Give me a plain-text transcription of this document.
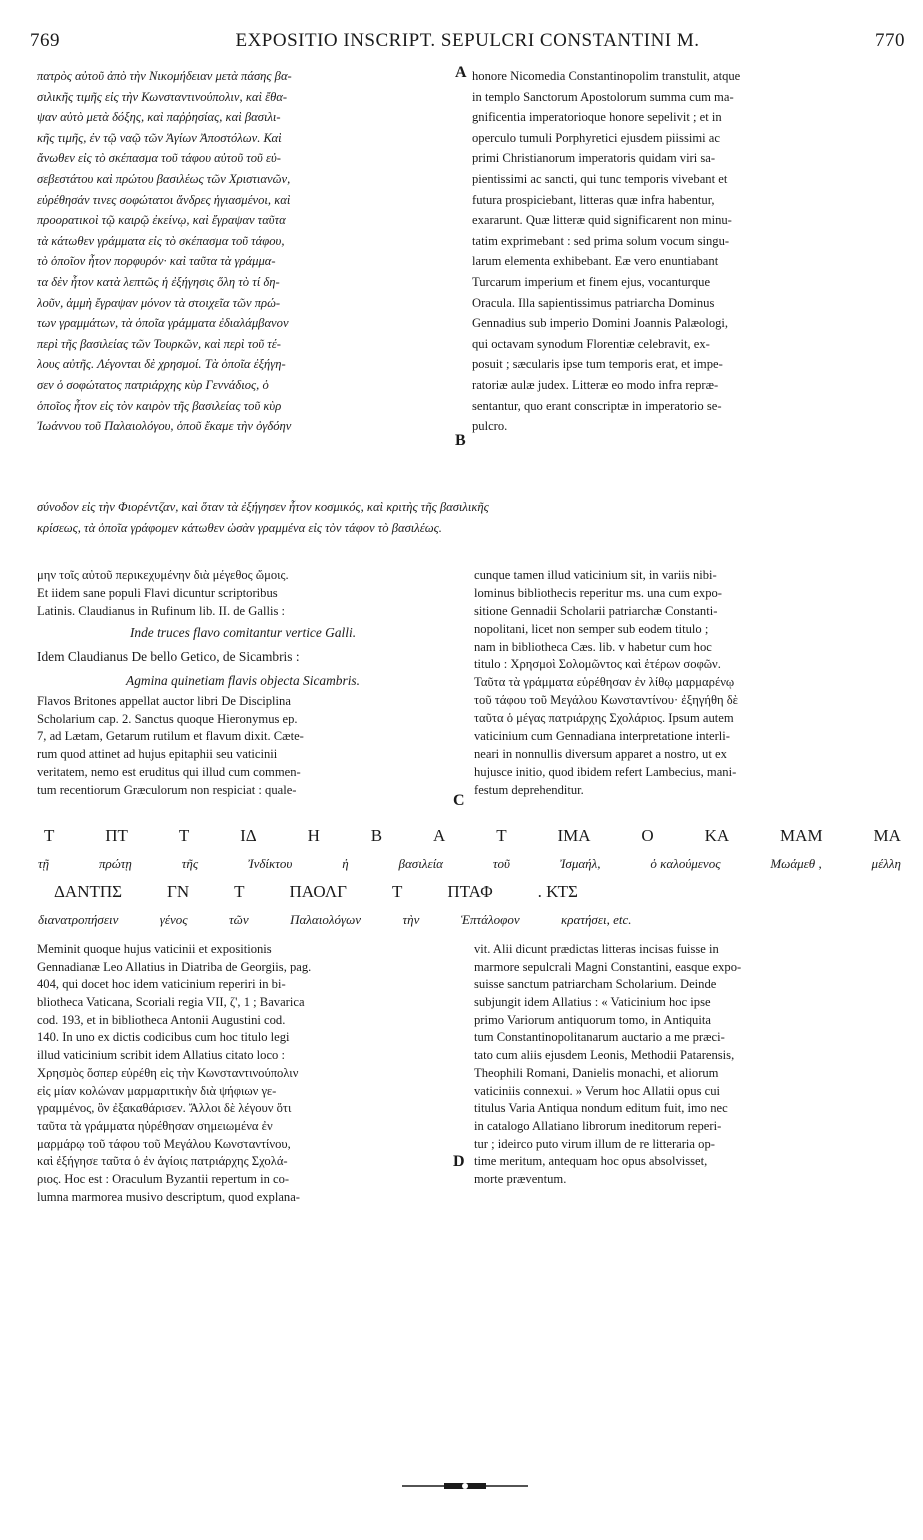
769	EXPOSITIO INSCRIPT. SEPULCRI CONSTANTINI M.	770
πατρὸς αὐτοῦ ἀπὸ τὴν Νικομήδειαν μετὰ πάσης βα-
σιλικῆς τιμῆς εἰς τὴν Κωνσταντινούπολιν, καὶ ἔθα-
ψαν αὐτὸ μετὰ δόξης, καὶ παῤῥησίας, καὶ βασιλι-
κῆς τιμῆς, ἐν τῷ ναῷ τῶν Ἁγίων Ἀποστόλων. Καὶ
ἄνωθεν εἰς τὸ σκέπασμα τοῦ τάφου αὐτοῦ τοῦ εὐ-
σεβεστάτου καὶ πρώτου βασιλέως τῶν Χριστιανῶν,
εὑρέθησάν τινες σοφώτατοι ἄνδρες ἡγιασμένοι, καὶ
προορατικοὶ τῷ καιρῷ ἐκείνῳ, καὶ ἔγραψαν ταῦτα
τὰ κάτωθεν γράμματα εἰς τὸ σκέπασμα τοῦ τάφου,
τὸ ὁποῖον ἦτον πορφυρόν· καὶ ταῦτα τὰ γράμμα-
τα δὲν ἦτον κατὰ λεπτῶς ἡ ἐξήγησις ὅλη τὸ τί δη-
λοῦν, ἀμμὴ ἔγραψαν μόνον τὰ στοιχεῖα τῶν πρώ-
των γραμμάτων, τὰ ὁποῖα γράμματα ἐδιαλάμβανον
περὶ τῆς βασιλείας τῶν Τουρκῶν, καὶ περὶ τοῦ τέ-
λους αὐτῆς. Λέγονται δὲ χρησμοί. Τὰ ὁποῖα ἐξήγη-
σεν ὁ σοφώτατος πατριάρχης κὺρ Γεννάδιος, ὁ
ὁποῖος ἦτον εἰς τὸν καιρὸν τῆς βασιλείας τοῦ κὺρ
Ἰωάννου τοῦ Παλαιολόγου, ὁποῦ ἔκαμε τὴν ὀγδόην
honore Nicomedia Constantinopolim transtulit, atque
in templo Sanctorum Apostolorum summa cum ma-
gnificentia imperatorioque honore sepelivit ; et in
operculo tumuli Porphyretici ejusdem piissimi ac
primi Christianorum imperatoris quidam viri sa-
pientissimi ac sancti, qui tunc temporis vivebant et
futura prospiciebant, litteras quæ infra habentur,
exararunt. Quæ litteræ quid significarent non minu-
tatim exprimebant : sed prima solum vocum singu-
larum elementa exhibebant. Eæ vero enuntiabant
Turcarum imperium et finem ejus, vocanturque
Oracula. Illa sapientissimus patriarcha Dominus
Gennadius sub imperio Domini Joannis Palæologi,
qui octavam synodum Florentiæ celebravit, ex-
posuit ; sæcularis ipse tum temporis erat, et impe-
ratoriæ aulæ judex. Litteræ eo modo infra repræ-
sentantur, quo erant conscriptæ in imperatorio se-
pulcro.
A
B
σύνοδον εἰς τὴν Φιορέντζαν, καὶ ὅταν τὰ ἐξήγησεν ἦτον κοσμικός, καὶ κριτὴς τῆς βασιλικῆς
κρίσεως, τὰ ὁποῖα γράφομεν κάτωθεν ὡσὰν γραμμένα εἰς τὸν τάφον τὸ βασιλέως.
μην τοῖς αὐτοῦ περικεχυμένην διὰ μέγεθος ὤμοις.
Et iidem sane populi Flavi dicuntur scriptoribus
Latinis. Claudianus in Rufinum lib. II. de Gallis :
Inde truces flavo comitantur vertice Galli.
Idem Claudianus De bello Getico, de Sicambris :
Agmina quinetiam flavis objecta Sicambris.
Flavos Britones appellat auctor libri De Disciplina
Scholarium cap. 2. Sanctus quoque Hieronymus ep.
7, ad Lætam, Getarum rutilum et flavum dixit. Cæte-
rum quod attinet ad hujus epitaphii seu vaticinii
veritatem, nemo est eruditus qui illud cum commen-
tum recentiorum Græculorum non respiciat : quale-
cunque tamen illud vaticinium sit, in variis nibi-
lominus bibliothecis reperitur ms. una cum expo-
sitione Gennadii Scholarii patriarchæ Constanti-
nopolitani, licet non semper sub eodem titulo ;
nam in bibliotheca Cæs. lib. v habetur cum hoc
titulo : Χρησμοὶ Σολομῶντος καὶ ἑτέρων σοφῶν.
Ταῦτα τὰ γράμματα εὑρέθησαν ἐν λίθῳ μαρμαρένῳ
τοῦ τάφου τοῦ Μεγάλου Κωνσταντίνου· ἐξηγήθη δὲ
ταῦτα ὁ μέγας πατριάρχης Σχολάριος. Ipsum autem
vaticinium cum Gennadiana interpretatione interli-
neari in nonnullis diversum apparet a nostro, ut ex
hujusce initio, quod ibidem refert Lambecius, mani-
festum deprehenditur.
C
Τ	ΠΤ	Τ	ΙΔ	Η	Β	Α	Τ	ΙΜΑ	Ο	ΚΑ	ΜΑΜ	ΜΑ
τῇ	πρώτῃ	τῆς	Ἰνδίκτου	ἡ	βασιλεία	τοῦ	Ἰσμαήλ,	ὁ καλούμενος	Μωάμεθ ,	μέλλη
ΔΑΝΤΠΣ	ΓΝ	Τ	ΠΑΟΛΓ	Τ	ΠΤΑΦ	. ΚΤΣ
διανατροπήσειν	γένος	τῶν	Παλαιολόγων	τὴν	Ἑπτάλοφον	κρατήσει, etc.
Meminit quoque hujus vaticinii et expositionis
Gennadianæ Leo Allatius in Diatriba de Georgiis, pag.
404, qui docet hoc idem vaticinium reperiri in bi-
bliotheca Vaticana, Scoriali regia VII, ζ', 1 ; Bavarica
cod. 193, et in bibliotheca Antonii Augustini cod.
140. In uno ex dictis codicibus cum hoc titulo legi
illud vaticinium scribit idem Allatius citato loco :
Χρησμὸς ὅσπερ εὑρέθη εἰς τὴν Κωνσταντινούπολιν
εἰς μίαν κολώναν μαρμαριτικὴν διὰ ψήφιων γε-
γραμμένος, ὃν ἐξακαθάρισεν. Ἄλλοι δὲ λέγουν ὅτι
ταῦτα τὰ γράμματα ηὑρέθησαν σημειωμένα ἐν
μαρμάρῳ τοῦ τάφου τοῦ Μεγάλου Κωνσταντίνου,
καὶ ἐξήγησε ταῦτα ὁ ἐν ἁγίοις πατριάρχης Σχολά-
ριος. Hoc est : Oraculum Byzantii repertum in co-
lumna marmorea musivo descriptum, quod explana-
vit. Alii dicunt prædictas litteras incisas fuisse in
marmore sepulcrali Magni Constantini, easque expo-
suisse sanctum patriarcham Scholarium. Deinde
subjungit idem Allatius : « Vaticinium hoc ipse
primo Variorum antiquorum tomo, in Antiquita
tum Constantinopolitanarum auctario a me præci-
tato cum aliis ejusdem Leonis, Methodii Patarensis,
Theophili Romani, Danielis monachi, et aliorum
vaticiniis connexui. » Verum hoc Allatii opus cui
titulus Varia Antiqua nondum editum fuit, imo nec
in catalogo Allatiano librorum ineditorum reperi-
tur ; ideirco puto virum illum de re litteraria op-
time meritum, antequam hoc opus absolvisset,
morte præventum.
D
